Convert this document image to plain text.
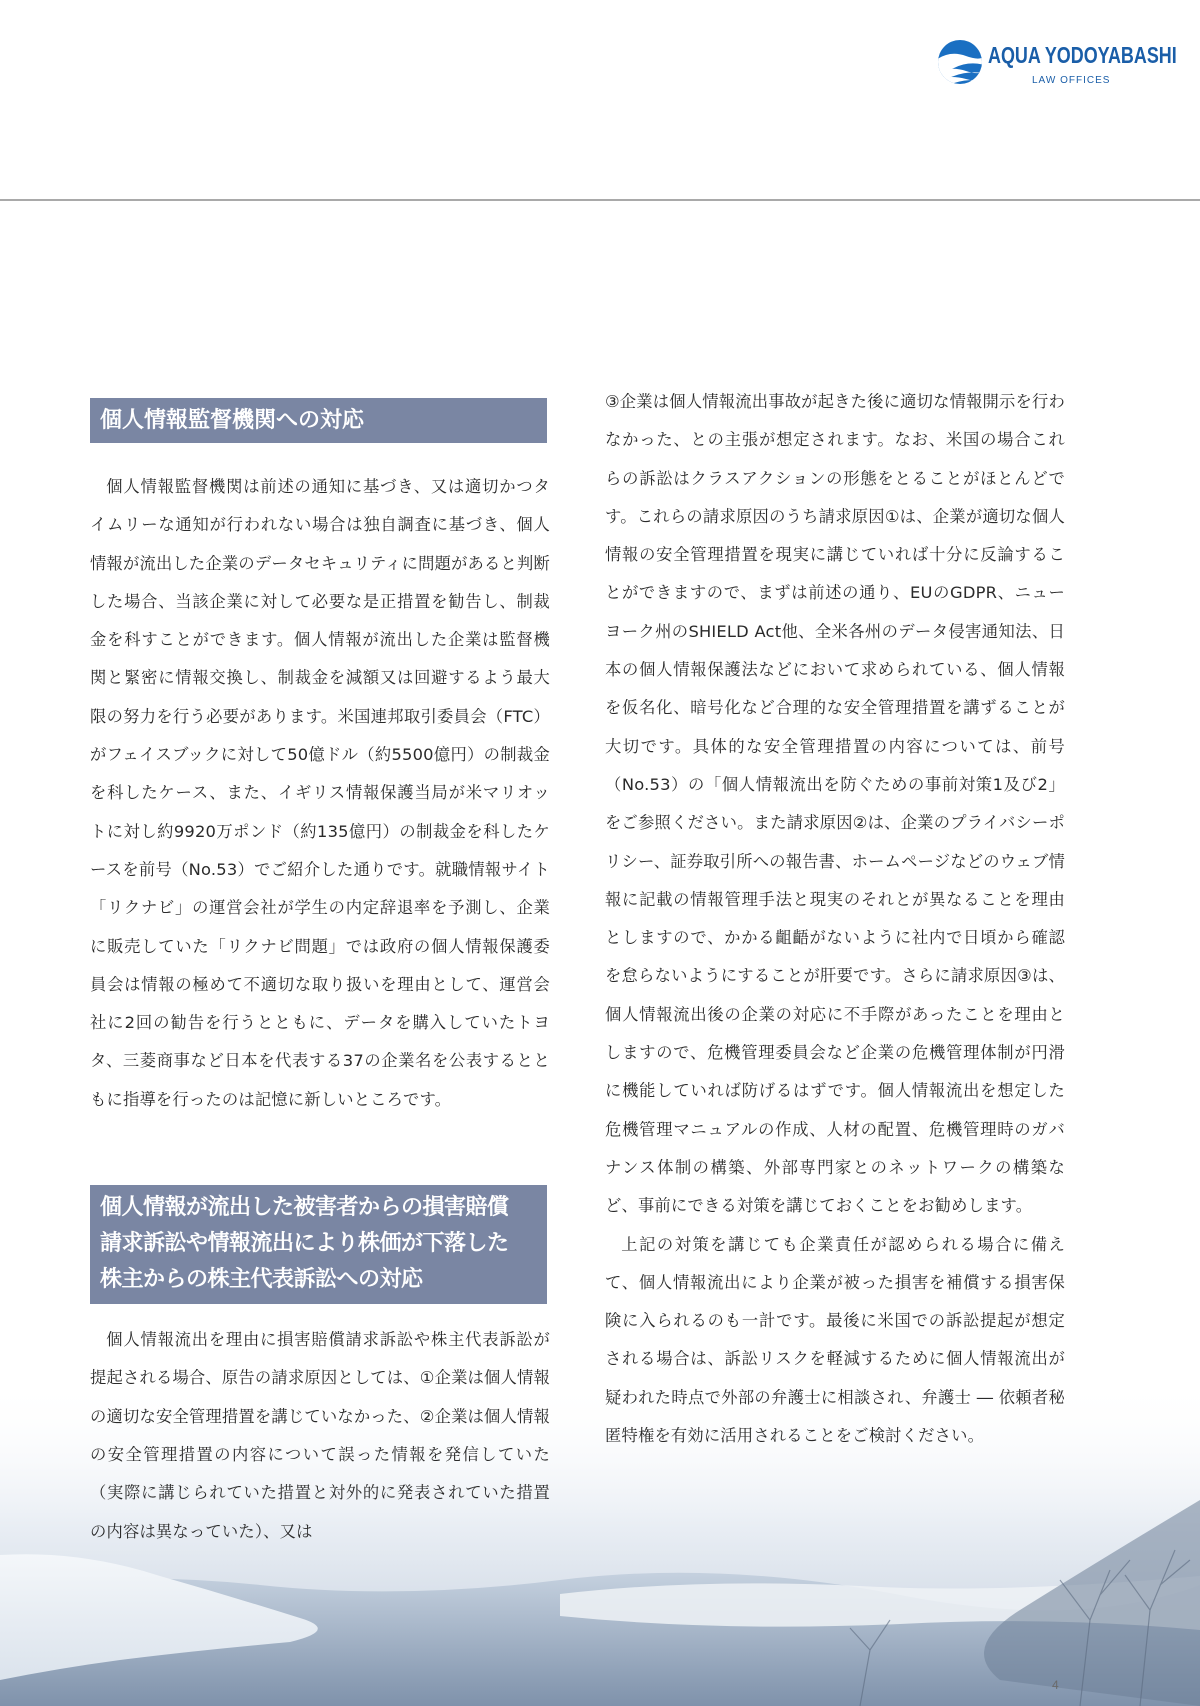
AQUA YODOYABASHI
LAW OFFICES
個人情報監督機関への対応

個人情報監督機関は前述の通知に基づき、又は適切かつタイムリーな通知が行われない場合は独自調査に基づき、個人情報が流出した企業のデータセキュリティに問題があると判断した場合、当該企業に対して必要な是正措置を勧告し、制裁金を科すことができます。個人情報が流出した企業は監督機関と緊密に情報交換し、制裁金を減額又は回避するよう最大限の努力を行う必要があります。米国連邦取引委員会（FTC）がフェイスブックに対して50億ドル（約5500億円）の制裁金を科したケース、また、イギリス情報保護当局が米マリオットに対し約9920万ポンド（約135億円）の制裁金を科したケースを前号（No.53）でご紹介した通りです。就職情報サイト「リクナビ」の運営会社が学生の内定辞退率を予測し、企業に販売していた「リクナビ問題」では政府の個人情報保護委員会は情報の極めて不適切な取り扱いを理由として、運営会社に2回の勧告を行うとともに、データを購入していたトヨタ、三菱商事など日本を代表する37の企業名を公表するとともに指導を行ったのは記憶に新しいところです。

個人情報が流出した被害者からの損害賠償
請求訴訟や情報流出により株価が下落した
株主からの株主代表訴訟への対応

個人情報流出を理由に損害賠償請求訴訟や株主代表訴訟が提起される場合、原告の請求原因としては、①企業は個人情報の適切な安全管理措置を講じていなかった、②企業は個人情報の安全管理措置の内容について誤った情報を発信していた（実際に講じられていた措置と対外的に発表されていた措置の内容は異なっていた）、又は

③企業は個人情報流出事故が起きた後に適切な情報開示を行わなかった、との主張が想定されます。なお、米国の場合これらの訴訟はクラスアクションの形態をとることがほとんどです。これらの請求原因のうち請求原因①は、企業が適切な個人情報の安全管理措置を現実に講じていれば十分に反論することができますので、まずは前述の通り、EUのGDPR、ニューヨーク州のSHIELD Act他、全米各州のデータ侵害通知法、日本の個人情報保護法などにおいて求められている、個人情報を仮名化、暗号化など合理的な安全管理措置を講ずることが大切です。具体的な安全管理措置の内容については、前号（No.53）の「個人情報流出を防ぐための事前対策1及び2」をご参照ください。また請求原因②は、企業のプライバシーポリシー、証券取引所への報告書、ホームページなどのウェブ情報に記載の情報管理手法と現実のそれとが異なることを理由としますので、かかる齟齬がないように社内で日頃から確認を怠らないようにすることが肝要です。さらに請求原因③は、個人情報流出後の企業の対応に不手際があったことを理由としますので、危機管理委員会など企業の危機管理体制が円滑に機能していれば防げるはずです。個人情報流出を想定した危機管理マニュアルの作成、人材の配置、危機管理時のガバナンス体制の構築、外部専門家とのネットワークの構築など、事前にできる対策を講じておくことをお勧めします。

上記の対策を講じても企業責任が認められる場合に備えて、個人情報流出により企業が被った損害を補償する損害保険に入られるのも一計です。最後に米国での訴訟提起が想定される場合は、訴訟リスクを軽減するために個人情報流出が疑われた時点で外部の弁護士に相談され、弁護士 ― 依頼者秘匿特権を有効に活用されることをご検討ください。

4
